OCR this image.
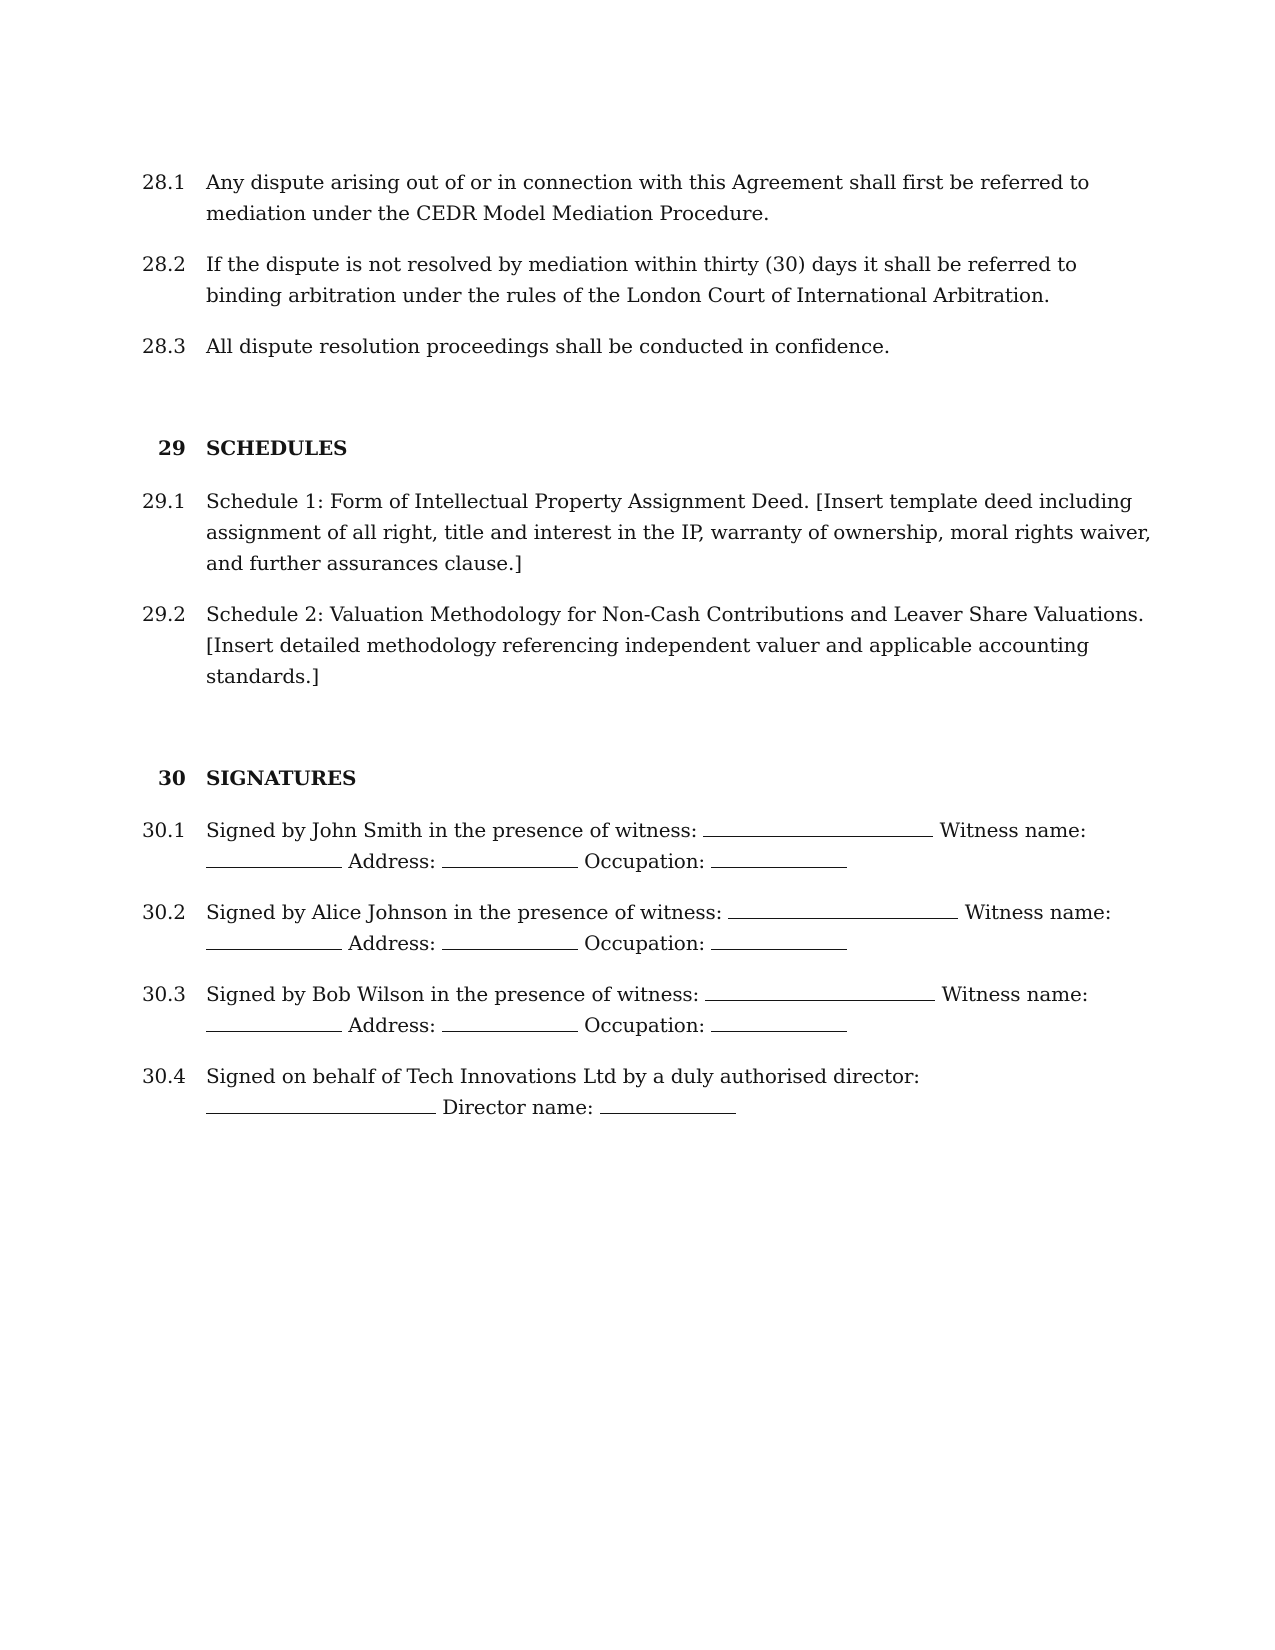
28.1	Any dispute arising out of or in connection with this Agreement shall first be referred to
mediation under the CEDR Model Mediation Procedure.
28.2	If the dispute is not resolved by mediation within thirty (30) days it shall be referred to
binding arbitration under the rules of the London Court of International Arbitration.
28.3	All dispute resolution proceedings shall be conducted in confidence.
29	SCHEDULES
29.1	Schedule 1: Form of Intellectual Property Assignment Deed. [Insert template deed including
assignment of all right, title and interest in the IP, warranty of ownership, moral rights waiver,
and further assurances clause.]
29.2	Schedule 2: Valuation Methodology for Non-Cash Contributions and Leaver Share Valuations.
[Insert detailed methodology referencing independent valuer and applicable accounting
standards.]
30	SIGNATURES
30.1	Signed by John Smith in the presence of witness:	Witness name:
Address:	Occupation:
30.2	Signed by Alice Johnson in the presence of witness:	Witness name:
Address:	Occupation:
30.3	Signed by Bob Wilson in the presence of witness:	Witness name:
Address:	Occupation:
30.4	Signed on behalf of Tech Innovations Ltd by a duly authorised director:
Director name:
